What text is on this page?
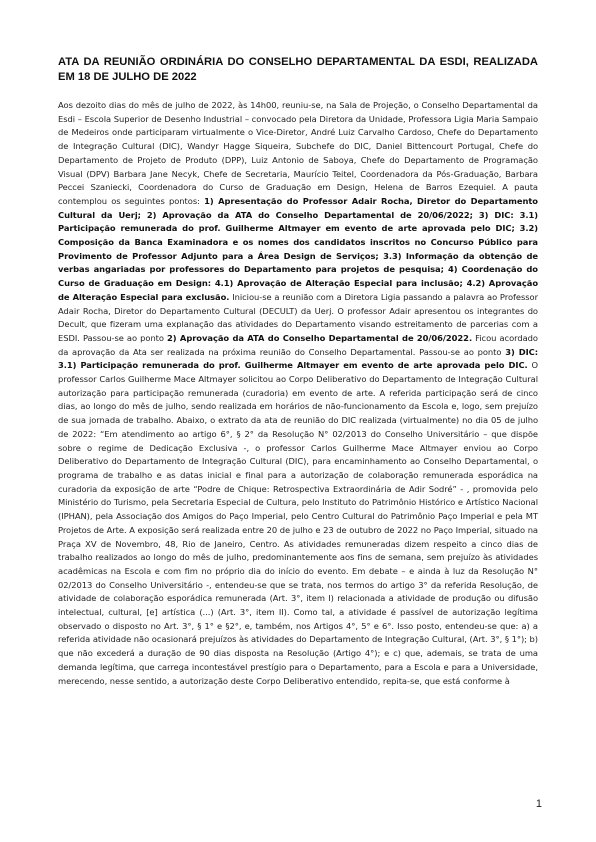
ATA DA REUNIÃO ORDINÁRIA DO CONSELHO DEPARTAMENTAL DA ESDI, REALIZADA EM 18 DE JULHO DE 2022

Aos dezoito dias do mês de julho de 2022, às 14h00, reuniu-se, na Sala de Projeção, o Conselho Departamental da Esdi – Escola Superior de Desenho Industrial – convocado pela Diretora da Unidade, Professora Ligia Maria Sampaio de Medeiros onde participaram virtualmente o Vice-Diretor, André Luiz Carvalho Cardoso, Chefe do Departamento de Integração Cultural (DIC), Wandyr Hagge Siqueira, Subchefe do DIC, Daniel Bittencourt Portugal, Chefe do Departamento de Projeto de Produto (DPP), Luiz Antonio de Saboya, Chefe do Departamento de Programação Visual (DPV) Barbara Jane Necyk, Chefe de Secretaria, Maurício Teitel, Coordenadora da Pós-Graduação, Barbara Peccei Szaniecki, Coordenadora do Curso de Graduação em Design, Helena de Barros Ezequiel. A pauta contemplou os seguintes pontos: 1) Apresentação do Professor Adair Rocha, Diretor do Departamento Cultural da Uerj; 2) Aprovação da ATA do Conselho Departamental de 20/06/2022; 3) DIC: 3.1) Participação remunerada do prof. Guilherme Altmayer em evento de arte aprovada pelo DIC; 3.2) Composição da Banca Examinadora e os nomes dos candidatos inscritos no Concurso Público para Provimento de Professor Adjunto para a Área Design de Serviços; 3.3) Informação da obtenção de verbas angariadas por professores do Departamento para projetos de pesquisa; 4) Coordenação do Curso de Graduação em Design: 4.1) Aprovação de Alteração Especial para inclusão; 4.2) Aprovação de Alteração Especial para exclusão. Iniciou-se a reunião com a Diretora Ligia passando a palavra ao Professor Adair Rocha, Diretor do Departamento Cultural (DECULT) da Uerj. O professor Adair apresentou os integrantes do Decult, que fizeram uma explanação das atividades do Departamento visando estreitamento de parcerias com a ESDI. Passou-se ao ponto 2) Aprovação da ATA do Conselho Departamental de 20/06/2022. Ficou acordado da aprovação da Ata ser realizada na próxima reunião do Conselho Departamental. Passou-se ao ponto 3) DIC: 3.1) Participação remunerada do prof. Guilherme Altmayer em evento de arte aprovada pelo DIC. O professor Carlos Guilherme Mace Altmayer solicitou ao Corpo Deliberativo do Departamento de Integração Cultural autorização para participação remunerada (curadoria) em evento de arte. A referida participação será de cinco dias, ao longo do mês de julho, sendo realizada em horários de não-funcionamento da Escola e, logo, sem prejuízo de sua jornada de trabalho. Abaixo, o extrato da ata de reunião do DIC realizada (virtualmente) no dia 05 de julho de 2022: “Em atendimento ao artigo 6°, § 2° da Resolução N° 02/2013 do Conselho Universitário – que dispõe sobre o regime de Dedicação Exclusiva -, o professor Carlos Guilherme Mace Altmayer enviou ao Corpo Deliberativo do Departamento de Integração Cultural (DIC), para encaminhamento ao Conselho Departamental, o programa de trabalho e as datas inicial e final para a autorização de colaboração remunerada esporádica na curadoria da exposição de arte “Podre de Chique: Retrospectiva Extraordinária de Adir Sodré” - , promovida pelo Ministério do Turismo, pela Secretaria Especial de Cultura, pelo Instituto do Patrimônio Histórico e Artístico Nacional (IPHAN), pela Associação dos Amigos do Paço Imperial, pelo Centro Cultural do Patrimônio Paço Imperial e pela MT Projetos de Arte. A exposição será realizada entre 20 de julho e 23 de outubro de 2022 no Paço Imperial, situado na Praça XV de Novembro, 48, Rio de Janeiro, Centro. As atividades remuneradas dizem respeito a cinco dias de trabalho realizados ao longo do mês de julho, predominantemente aos fins de semana, sem prejuízo às atividades acadêmicas na Escola e com fim no próprio dia do início do evento. Em debate – e ainda à luz da Resolução N° 02/2013 do Conselho Universitário -, entendeu-se que se trata, nos termos do artigo 3° da referida Resolução, de atividade de colaboração esporádica remunerada (Art. 3°, item I) relacionada a atividade de produção ou difusão intelectual, cultural, [e] artística (...) (Art. 3°, item II). Como tal, a atividade é passível de autorização legítima observado o disposto no Art. 3°, § 1° e §2°, e, também, nos Artigos 4°, 5° e 6°. Isso posto, entendeu-se que: a) a referida atividade não ocasionará prejuízos às atividades do Departamento de Integração Cultural, (Art. 3°, § 1°); b) que não excederá a duração de 90 dias disposta na Resolução (Artigo 4°); e c) que, ademais, se trata de uma demanda legítima, que carrega incontestável prestígio para o Departamento, para a Escola e para a Universidade, merecendo, nesse sentido, a autorização deste Corpo Deliberativo entendido, repita-se, que está conforme à

1
